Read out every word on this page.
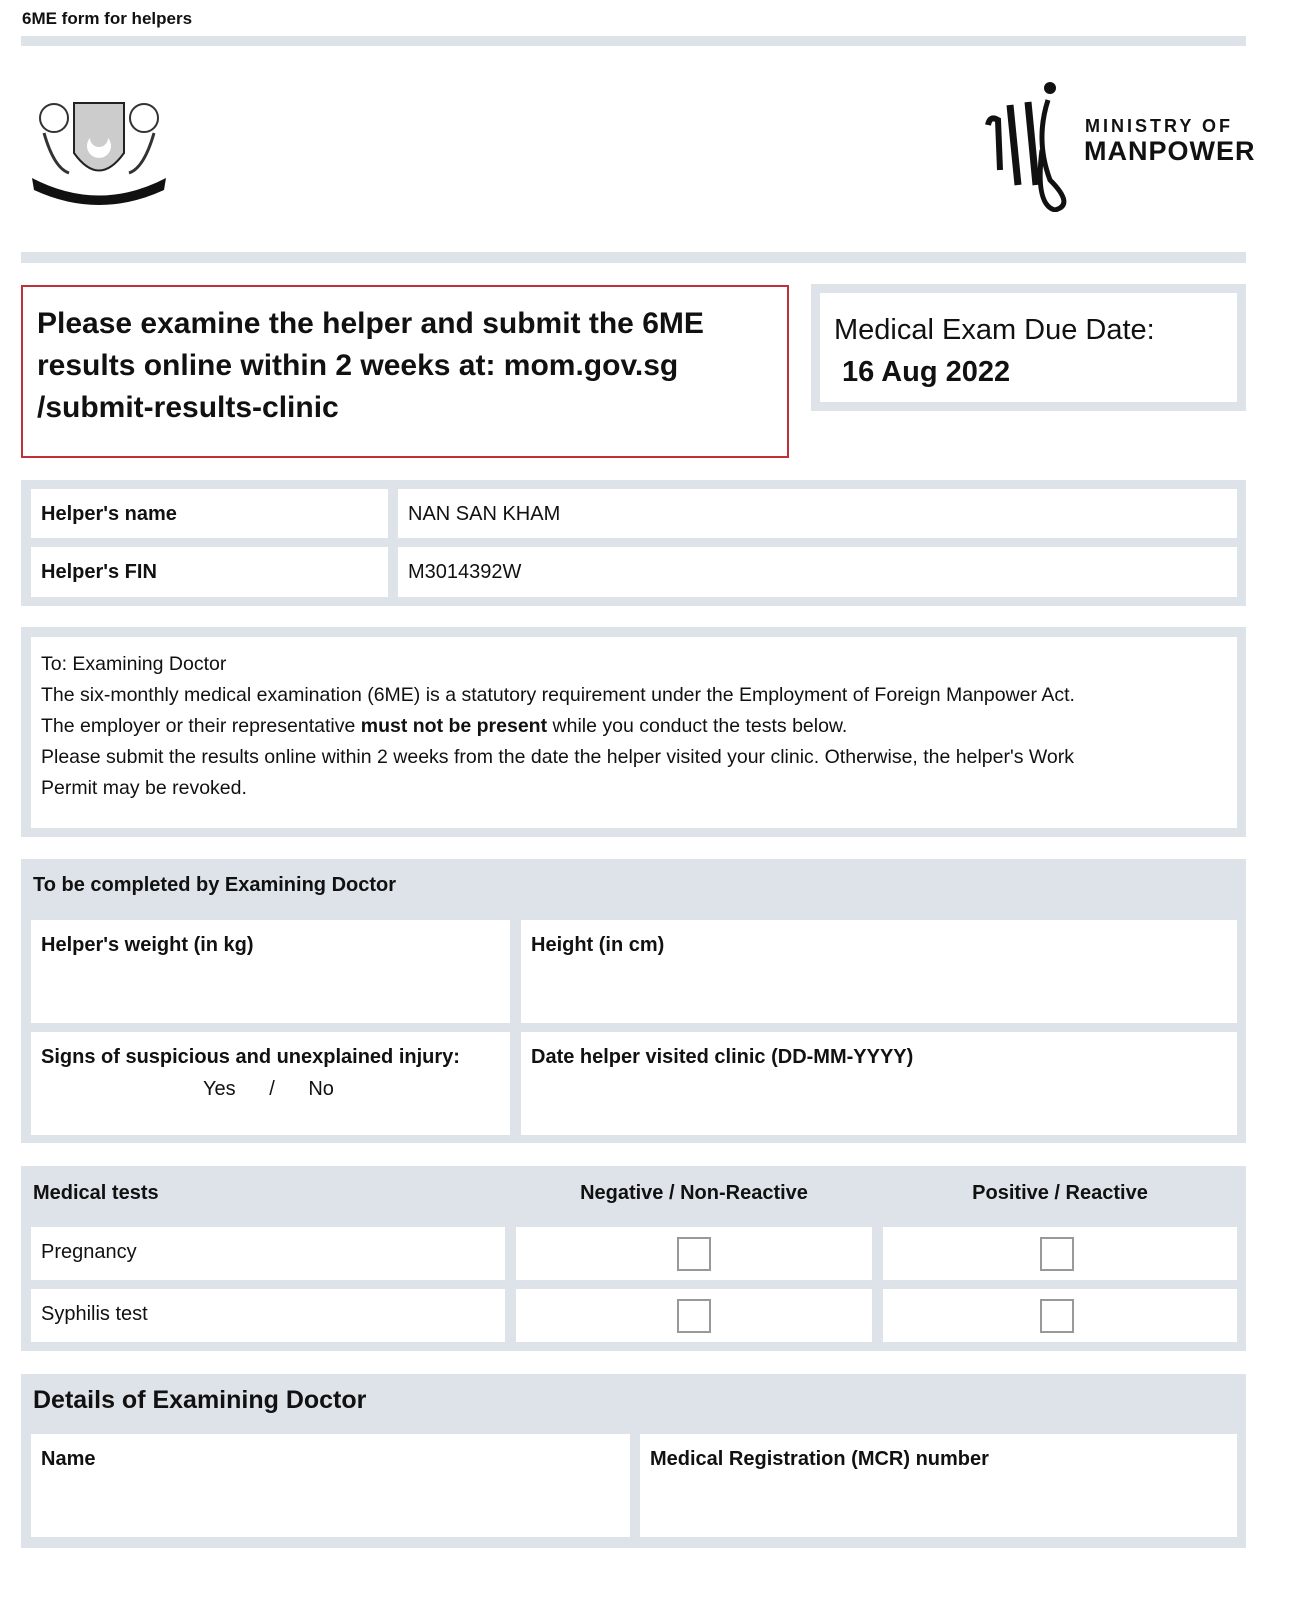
6ME form for helpers
MINISTRY OF
MANPOWER
Please examine the helper and submit the 6ME
results online within 2 weeks at: mom.gov.sg
/submit-results-clinic
Medical Exam Due Date:
16 Aug 2022
Helper's name	NAN SAN KHAM
Helper's FIN	M3014392W
To: Examining Doctor
The six-monthly medical examination (6ME) is a statutory requirement under the Employment of Foreign Manpower Act.
The employer or their representative must not be present while you conduct the tests below.
Please submit the results online within 2 weeks from the date the helper visited your clinic. Otherwise, the helper's Work
Permit may be revoked.
To be completed by Examining Doctor
Helper's weight (in kg)	Height (in cm)
Signs of suspicious and unexplained injury:
Yes / No
Date helper visited clinic (DD-MM-YYYY)
Medical tests	Negative / Non-Reactive	Positive / Reactive
Pregnancy
Syphilis test
Details of Examining Doctor
Name	Medical Registration (MCR) number
